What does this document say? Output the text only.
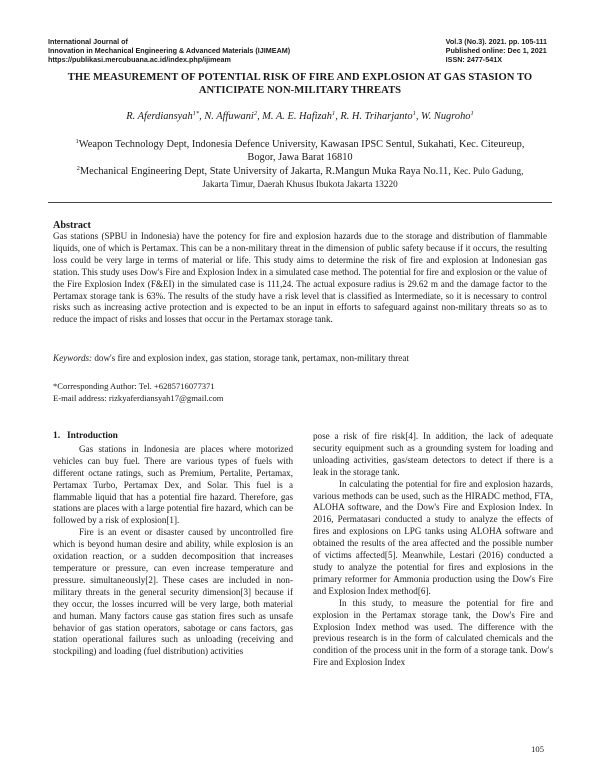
International Journal of
Innovation in Mechanical Engineering & Advanced Materials (IJIMEAM)
https://publikasi.mercubuana.ac.id/index.php/ijimeam
Vol.3 (No.3). 2021. pp. 105-111
Published online: Dec 1, 2021
ISSN: 2477-541X
THE MEASUREMENT OF POTENTIAL RISK OF FIRE AND EXPLOSION AT GAS STASION TO ANTICIPATE NON-MILITARY THREATS
R. Aferdiansyah$^{1*}$, N. Affuwani$^2$, M. A. E. Hafizah$^1$, R. H. Triharjanto$^1$, W. Nugroho$^1$
$^1$Weapon Technology Dept, Indonesia Defence University, Kawasan IPSC Sentul, Sukahati, Kec. Citeureup, Bogor, Jawa Barat 16810
$^2$Mechanical Engineering Dept, State University of Jakarta, R.Mangun Muka Raya No.11, Kec. Pulo Gadung, Jakarta Timur, Daerah Khusus Ibukota Jakarta 13220
Abstract
Gas stations (SPBU in Indonesia) have the potency for fire and explosion hazards due to the storage and distribution of flammable liquids, one of which is Pertamax. This can be a non-military threat in the dimension of public safety because if it occurs, the resulting loss could be very large in terms of material or life. This study aims to determine the risk of fire and explosion at Indonesian gas station. This study uses Dow's Fire and Explosion Index in a simulated case method. The potential for fire and explosion or the value of the Fire Explosion Index (F&EI) in the simulated case is 111,24. The actual exposure radius is 29.62 m and the damage factor to the Pertamax storage tank is 63%. The results of the study have a risk level that is classified as Intermediate, so it is necessary to control risks such as increasing active protection and is expected to be an input in efforts to safeguard against non-military threats so as to reduce the impact of risks and losses that occur in the Pertamax storage tank.
Keywords: dow's fire and explosion index, gas station, storage tank, pertamax, non-military threat
*Corresponding Author: Tel. +6285716077371
E-mail address: rizkyaferdiansyah17@gmail.com
1. Introduction

Gas stations in Indonesia are places where motorized vehicles can buy fuel. There are various types of fuels with different octane ratings, such as Premium, Pertalite, Pertamax, Pertamax Turbo, Pertamax Dex, and Solar. This fuel is a flammable liquid that has a potential fire hazard. Therefore, gas stations are places with a large potential fire hazard, which can be followed by a risk of explosion[1].

Fire is an event or disaster caused by uncontrolled fire which is beyond human desire and ability, while explosion is an oxidation reaction, or a sudden decomposition that increases temperature or pressure, can even increase temperature and pressure. simultaneously[2]. These cases are included in non-military threats in the general security dimension[3] because if they occur, the losses incurred will be very large, both material and human. Many factors cause gas station fires such as unsafe behavior of gas station operators, sabotage or cans factors, gas station operational failures such as unloading (receiving and stockpiling) and loading (fuel distribution) activities

pose a risk of fire risk[4]. In addition, the lack of adequate security equipment such as a grounding system for loading and unloading activities, gas/steam detectors to detect if there is a leak in the storage tank.

In calculating the potential for fire and explosion hazards, various methods can be used, such as the HIRADC method, FTA, ALOHA software, and the Dow's Fire and Explosion Index. In 2016, Permatasari conducted a study to analyze the effects of fires and explosions on LPG tanks using ALOHA software and obtained the results of the area affected and the possible number of victims affected[5]. Meanwhile, Lestari (2016) conducted a study to analyze the potential for fires and explosions in the primary reformer for Ammonia production using the Dow's Fire and Explosion Index method[6].

In this study, to measure the potential for fire and explosion in the Pertamax storage tank, the Dow's Fire and Explosion Index method was used. The difference with the previous research is in the form of calculated chemicals and the condition of the process unit in the form of a storage tank. Dow's Fire and Explosion Index

105
